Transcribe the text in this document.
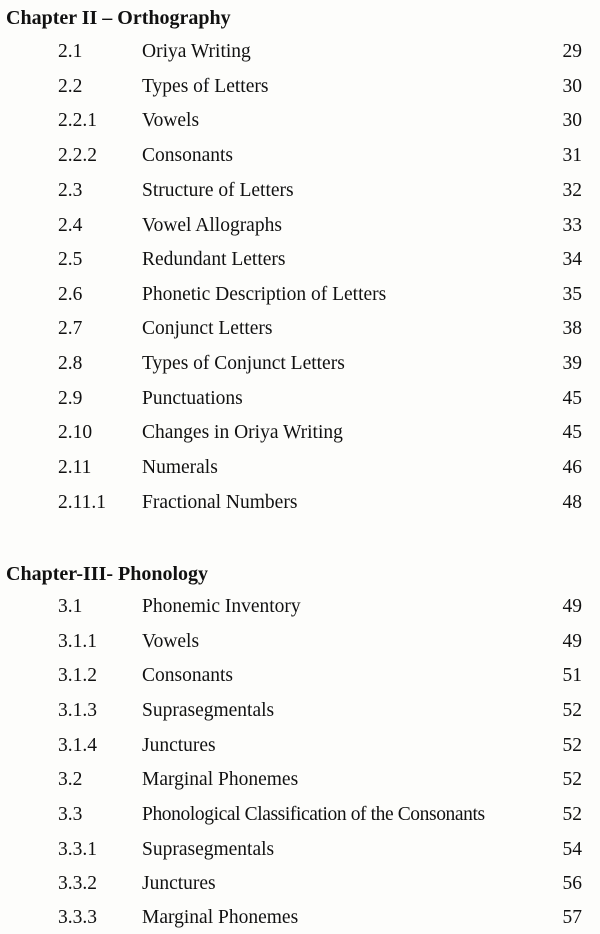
Chapter II – Orthography
2.1	Oriya Writing	29
2.2	Types of Letters	30
2.2.1 Vowels	30
2.2.2 Consonants	31
2.3	Structure of Letters	32
2.4	Vowel Allographs	33
2.5	Redundant Letters	34
2.6	Phonetic Description of Letters	35
2.7	Conjunct Letters	38
2.8	Types of Conjunct Letters	39
2.9	Punctuations	45
2.10	Changes in Oriya Writing	45
2.11	Numerals	46
2.11.1 Fractional Numbers	48
Chapter-III- Phonology
3.1	Phonemic Inventory	49
3.1.1 Vowels	49
3.1.2 Consonants	51
3.1.3 Suprasegmentals	52
3.1.4 Junctures	52
3.2	Marginal Phonemes	52
3.3	Phonological Classification of the Consonants	52
3.3.1 Suprasegmentals	54
3.3.2 Junctures	56
3.3.3 Marginal Phonemes	57
